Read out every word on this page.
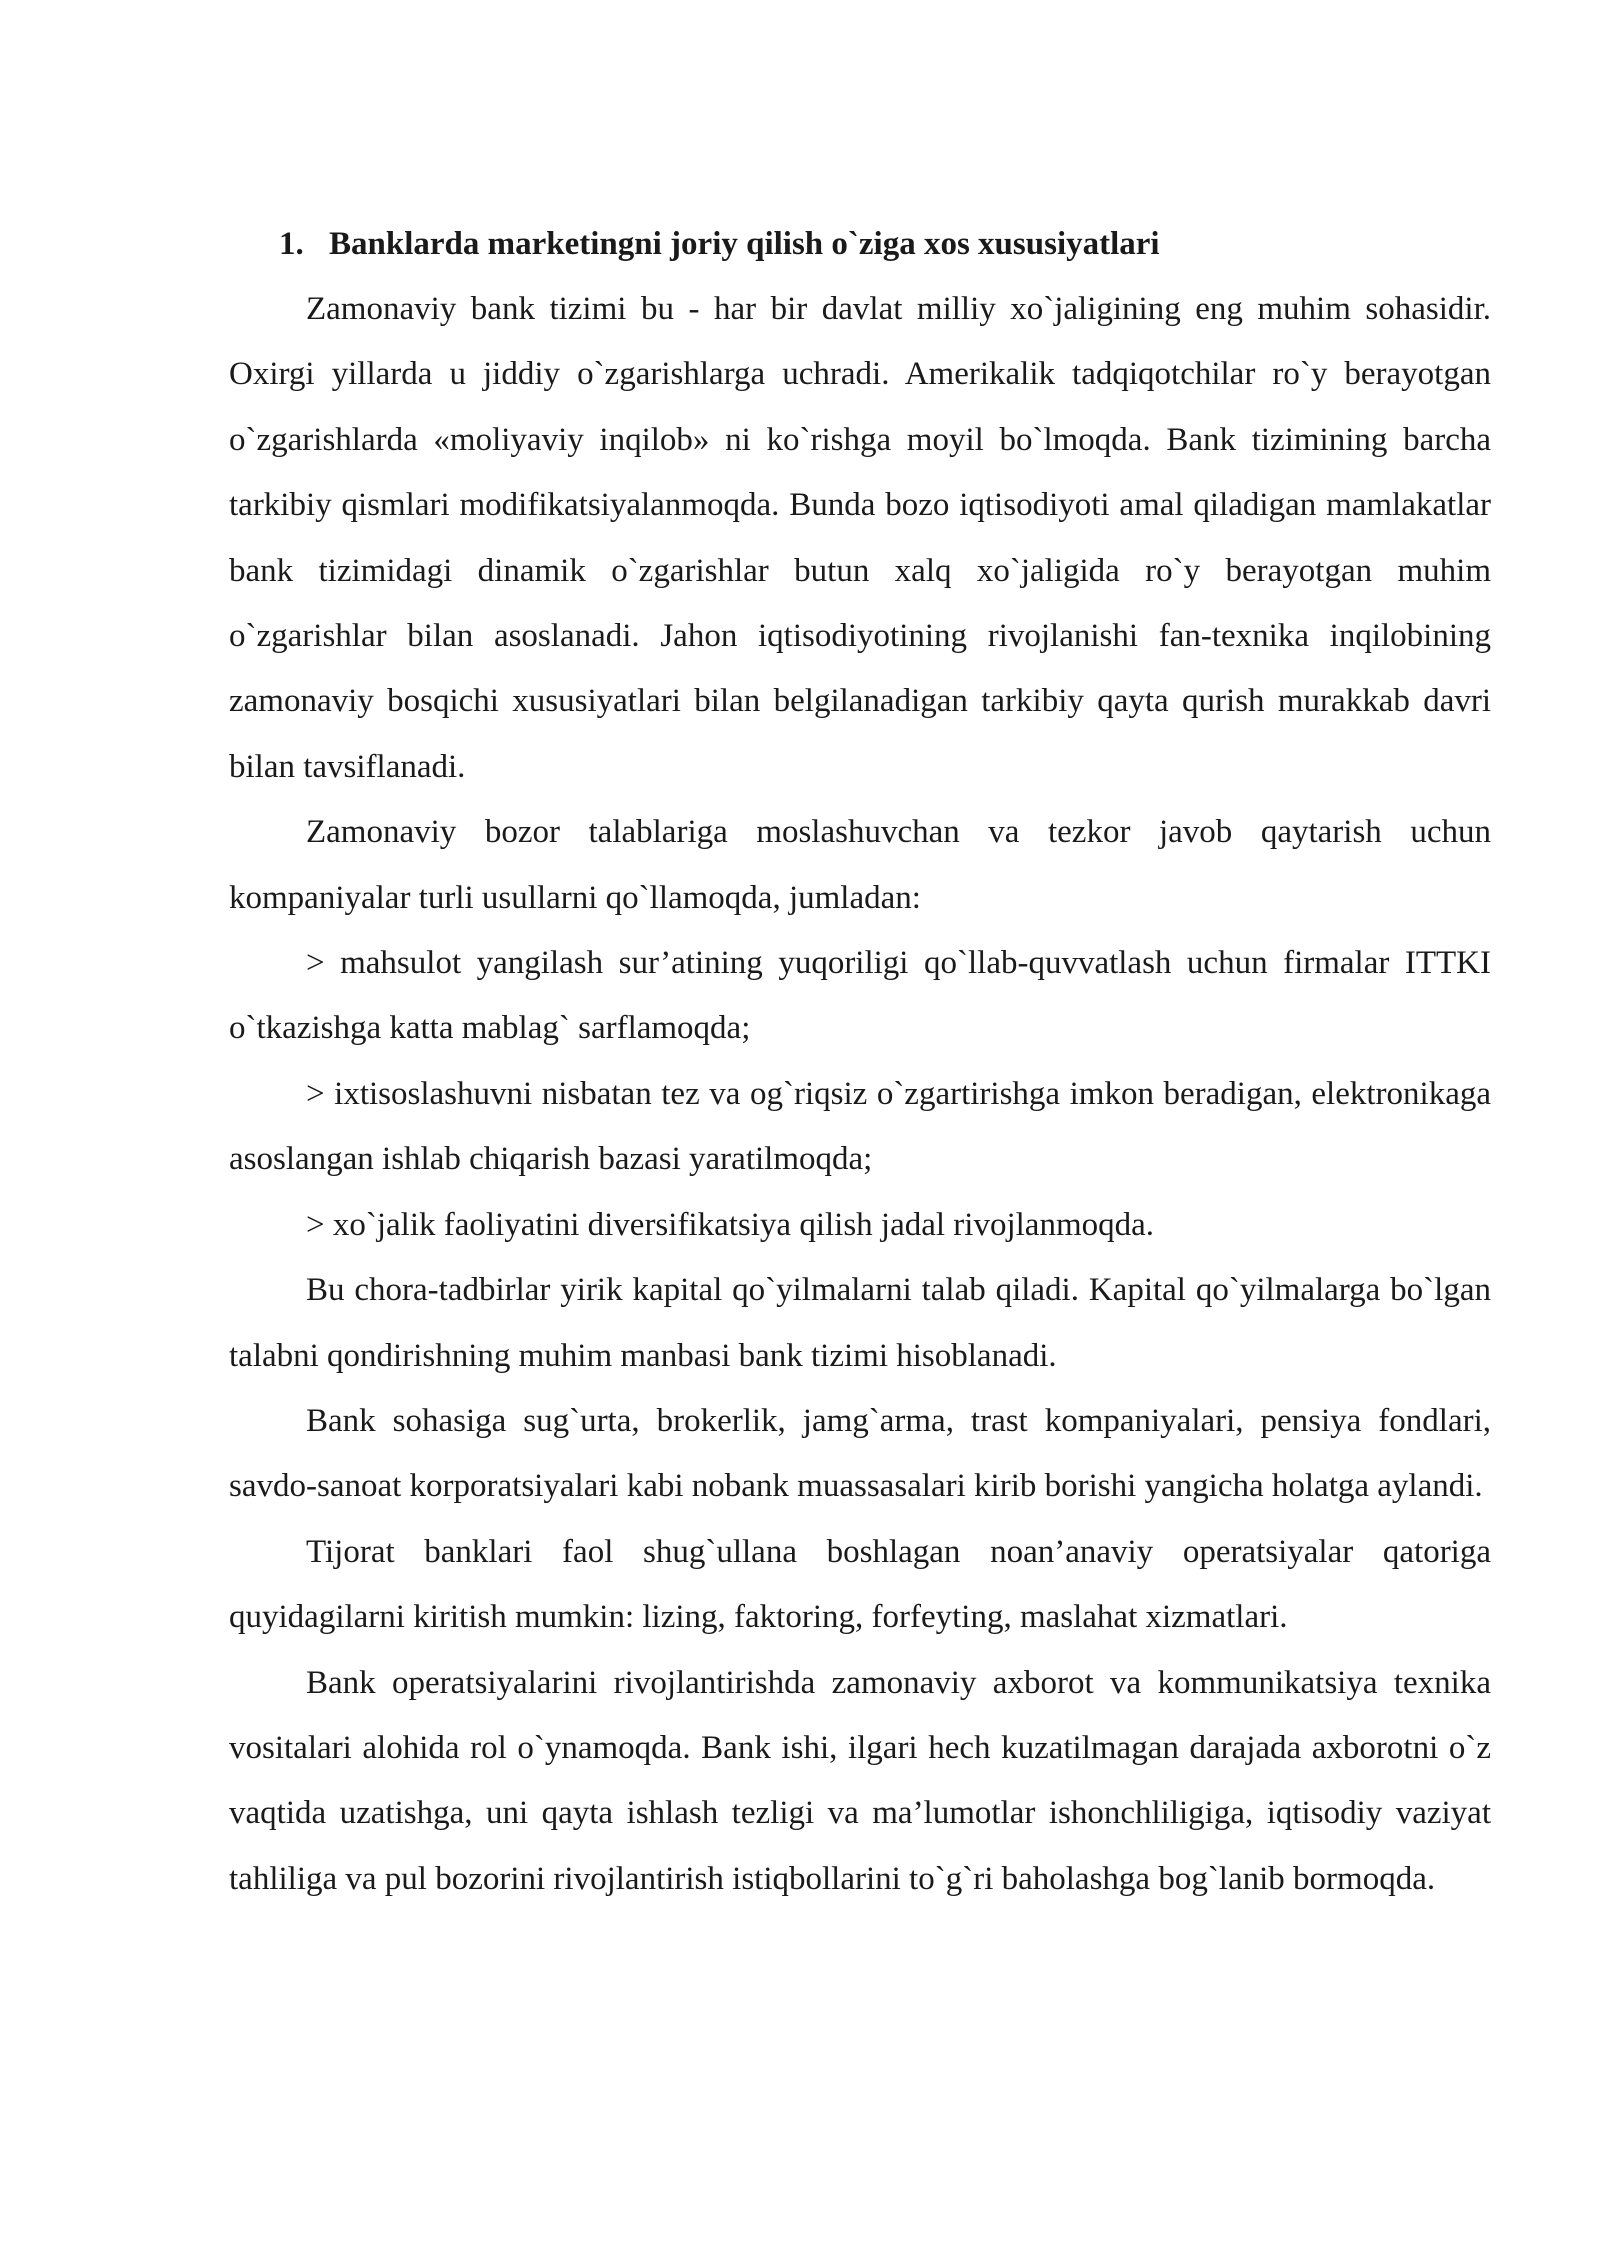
1. Banklarda marketingni joriy qilish o`ziga xos xususiyatlari

Zamonaviy bank tizimi bu - har bir davlat milliy xo`jaligining eng muhim sohasidir. Oxirgi yillarda u jiddiy o`zgarishlarga uchradi. Amerikalik tadqiqotchilar ro`y berayotgan o`zgarishlarda «moliyaviy inqilob» ni ko`rishga moyil bo`lmoqda. Bank tizimining barcha tarkibiy qismlari modifikatsiyalanmoqda. Bunda bozo iqtisodiyoti amal qiladigan mamlakatlar bank tizimidagi dinamik o`zgarishlar butun xalq xo`jaligida ro`y berayotgan muhim o`zgarishlar bilan asoslanadi. Jahon iqtisodiyotining rivojlanishi fan-texnika inqilobining zamonaviy bosqichi xususiyatlari bilan belgilanadigan tarkibiy qayta qurish murakkab davri bilan tavsiflanadi.

Zamonaviy bozor talablariga moslashuvchan va tezkor javob qaytarish uchun kompaniyalar turli usullarni qo`llamoqda, jumladan:

> mahsulot yangilash sur’atining yuqoriligi qo`llab-quvvatlash uchun firmalar ITTKI o`tkazishga katta mablag` sarflamoqda;

> ixtisoslashuvni nisbatan tez va og`riqsiz o`zgartirishga imkon beradigan, elektronikaga asoslangan ishlab chiqarish bazasi yaratilmoqda;

> xo`jalik faoliyatini diversifikatsiya qilish jadal rivojlanmoqda.

Bu chora-tadbirlar yirik kapital qo`yilmalarni talab qiladi. Kapital qo`yilmalarga bo`lgan talabni qondirishning muhim manbasi bank tizimi hisoblanadi.

Bank sohasiga sug`urta, brokerlik, jamg`arma, trast kompaniyalari, pensiya fondlari, savdo-sanoat korporatsiyalari kabi nobank muassasalari kirib borishi yangicha holatga aylandi.

Tijorat banklari faol shug`ullana boshlagan noan’anaviy operatsiyalar qatoriga quyidagilarni kiritish mumkin: lizing, faktoring, forfeyting, maslahat xizmatlari.

Bank operatsiyalarini rivojlantirishda zamonaviy axborot va kommunikatsiya texnika vositalari alohida rol o`ynamoqda. Bank ishi, ilgari hech kuzatilmagan darajada axborotni o`z vaqtida uzatishga, uni qayta ishlash tezligi va ma’lumotlar ishonchliligiga, iqtisodiy vaziyat tahliliga va pul bozorini rivojlantirish istiqbollarini to`g`ri baholashga bog`lanib bormoqda.
